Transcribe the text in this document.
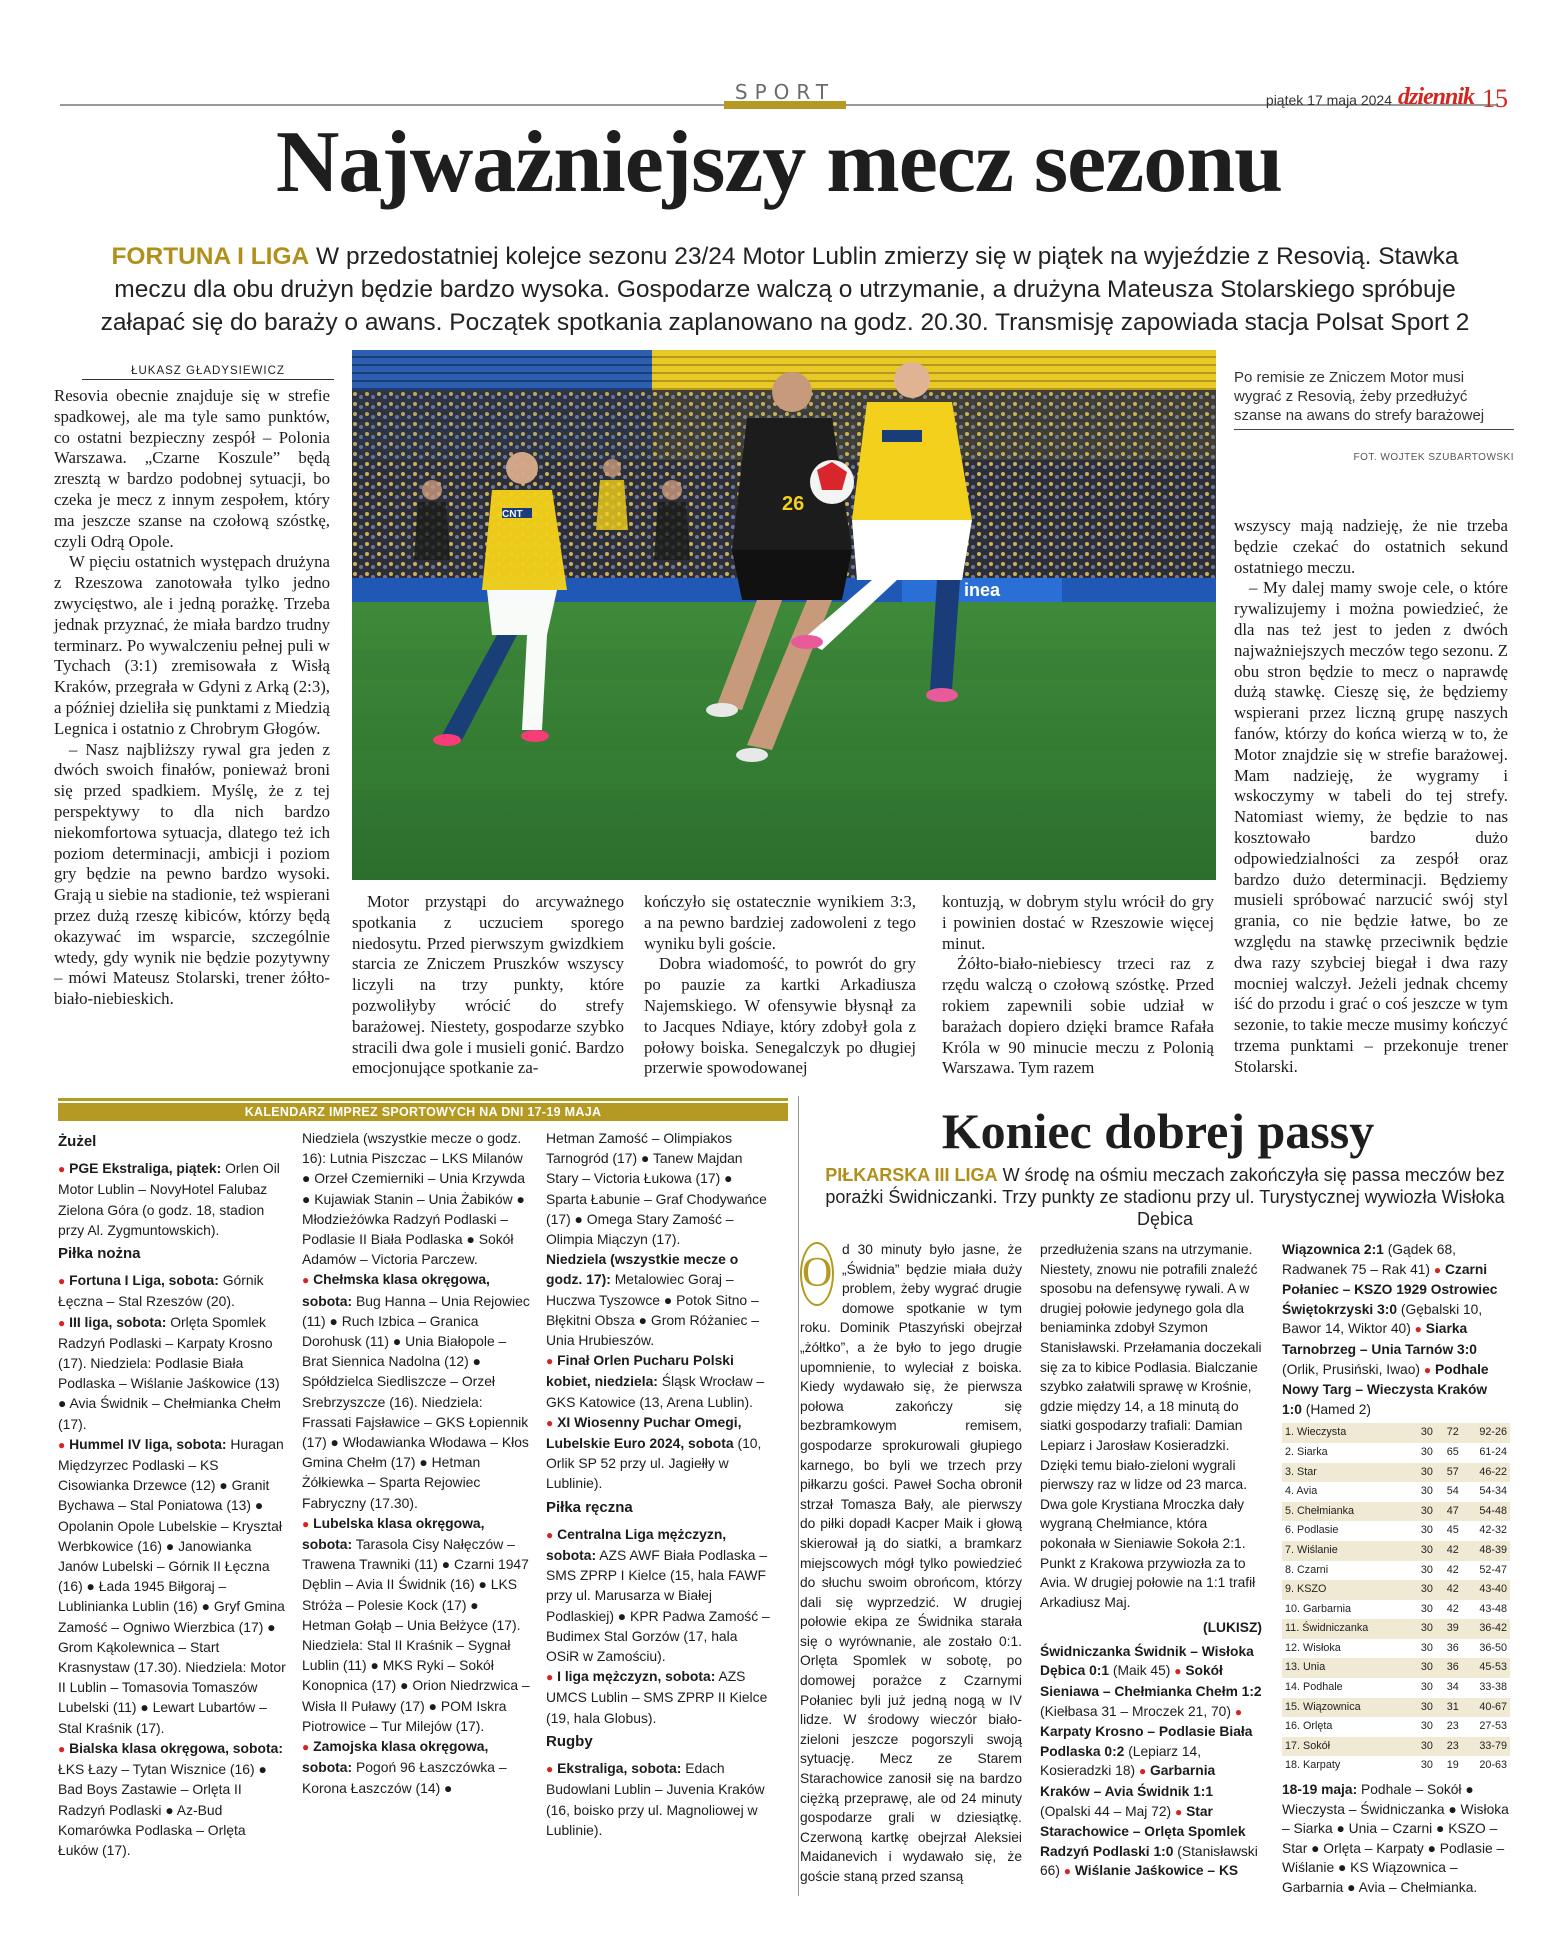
SPORT	piątek 17 maja 2024 dziennik 15
Najważniejszy mecz sezonu
FORTUNA I LIGA W przedostatniej kolejce sezonu 23/24 Motor Lublin zmierzy się w piątek na wyjeździe z Resovią. Stawka meczu dla obu drużyn będzie bardzo wysoka. Gospodarze walczą o utrzymanie, a drużyna Mateusza Stolarskiego spróbuje załapać się do baraży o awans. Początek spotkania zaplanowano na godz. 20.30. Transmisję zapowiada stacja Polsat Sport 2
ŁUKASZ GŁADYSIEWICZ

Resovia obecnie znajduje się w strefie spadkowej, ale ma tyle samo punktów, co ostatni bezpieczny zespół – Polonia Warszawa. „Czarne Koszule” będą zresztą w bardzo podobnej sytuacji, bo czeka je mecz z innym zespołem, który ma jeszcze szanse na czołową szóstkę, czyli Odrą Opole.

W pięciu ostatnich występach drużyna z Rzeszowa zanotowała tylko jedno zwycięstwo, ale i jedną porażkę. Trzeba jednak przyznać, że miała bardzo trudny terminarz. Po wywalczeniu pełnej puli w Tychach (3:1) zremisowała z Wisłą Kraków, przegrała w Gdyni z Arką (2:3), a później dzieliła się punktami z Miedzią Legnica i ostatnio z Chrobrym Głogów.

– Nasz najbliższy rywal gra jeden z dwóch swoich finałów, ponieważ broni się przed spadkiem. Myślę, że z tej perspektywy to dla nich bardzo niekomfortowa sytuacja, dlatego też ich poziom determinacji, ambicji i poziom gry będzie na pewno bardzo wysoki. Grają u siebie na stadionie, też wspierani przez dużą rzeszę kibiców, którzy będą okazywać im wsparcie, szczególnie wtedy, gdy wynik nie będzie pozytywny – mówi Mateusz Stolarski, trener żółto-biało-niebieskich.

inea
CNT	26
Po remisie ze Zniczem Motor musi wygrać z Resovią, żeby przedłużyć szanse na awans do strefy barażowej
FOT. WOJTEK SZUBARTOWSKI

Motor przystąpi do arcyważnego spotkania z uczuciem sporego niedosytu. Przed pierwszym gwizdkiem starcia ze Zniczem Pruszków wszyscy liczyli na trzy punkty, które pozwoliłyby wrócić do strefy barażowej. Niestety, gospodarze szybko stracili dwa gole i musieli gonić. Bardzo emocjonujące spotkanie za-

kończyło się ostatecznie wynikiem 3:3, a na pewno bardziej zadowoleni z tego wyniku byli goście.

Dobra wiadomość, to powrót do gry po pauzie za kartki Arkadiusza Najemskiego. W ofensywie błysnął za to Jacques Ndiaye, który zdobył gola z połowy boiska. Senegalczyk po długiej przerwie spowodowanej

kontuzją, w dobrym stylu wrócił do gry i powinien dostać w Rzeszowie więcej minut.

Żółto-biało-niebiescy trzeci raz z rzędu walczą o czołową szóstkę. Przed rokiem zapewnili sobie udział w barażach dopiero dzięki bramce Rafała Króla w 90 minucie meczu z Polonią Warszawa. Tym razem

wszyscy mają nadzieję, że nie trzeba będzie czekać do ostatnich sekund ostatniego meczu.

– My dalej mamy swoje cele, o które rywalizujemy i można powiedzieć, że dla nas też jest to jeden z dwóch najważniejszych meczów tego sezonu. Z obu stron będzie to mecz o naprawdę dużą stawkę. Cieszę się, że będziemy wspierani przez liczną grupę naszych fanów, którzy do końca wierzą w to, że Motor znajdzie się w strefie barażowej. Mam nadzieję, że wygramy i wskoczymy w tabeli do tej strefy. Natomiast wiemy, że będzie to nas kosztowało bardzo dużo odpowiedzialności za zespół oraz bardzo dużo determinacji. Będziemy musieli spróbować narzucić swój styl grania, co nie będzie łatwe, bo ze względu na stawkę przeciwnik będzie dwa razy szybciej biegał i dwa razy mocniej walczył. Jeżeli jednak chcemy iść do przodu i grać o coś jeszcze w tym sezonie, to takie mecze musimy kończyć trzema punktami – przekonuje trener Stolarski.

KALENDARZ IMPREZ SPORTOWYCH NA DNI 17-19 MAJA
Żużel

● PGE Ekstraliga, piątek: Orlen Oil Motor Lublin – NovyHotel Falubaz Zielona Góra (o godz. 18, stadion przy Al. Zygmuntowskich).

Piłka nożna

● Fortuna I Liga, sobota: Górnik Łęczna – Stal Rzeszów (20).

● III liga, sobota: Orlęta Spomlek Radzyń Podlaski – Karpaty Krosno (17). Niedziela: Podlasie Biała Podlaska – Wiślanie Jaśkowice (13) ● Avia Świdnik – Chełmianka Chełm (17).

● Hummel IV liga, sobota: Huragan Międzyrzec Podlaski – KS Cisowianka Drzewce (12) ● Granit Bychawa – Stal Poniatowa (13) ● Opolanin Opole Lubelskie – Kryształ Werbkowice (16) ● Janowianka Janów Lubelski – Górnik II Łęczna (16) ● Łada 1945 Biłgoraj – Lublinianka Lublin (16) ● Gryf Gmina Zamość – Ogniwo Wierzbica (17) ● Grom Kąkolewnica – Start Krasnystaw (17.30). Niedziela: Motor II Lublin – Tomasovia Tomaszów Lubelski (11) ● Lewart Lubartów – Stal Kraśnik (17).

● Bialska klasa okręgowa, sobota: ŁKS Łazy – Tytan Wisznice (16) ● Bad Boys Zastawie – Orlęta II Radzyń Podlaski ● Az-Bud Komarówka Podlaska – Orlęta Łuków (17).

Niedziela (wszystkie mecze o godz. 16): Lutnia Piszczac – LKS Milanów ● Orzeł Czemierniki – Unia Krzywda ● Kujawiak Stanin – Unia Żabików ● Młodzieżówka Radzyń Podlaski – Podlasie II Biała Podlaska ● Sokół Adamów – Victoria Parczew.

● Chełmska klasa okręgowa, sobota: Bug Hanna – Unia Rejowiec (11) ● Ruch Izbica – Granica Dorohusk (11) ● Unia Białopole – Brat Siennica Nadolna (12) ● Spółdzielca Siedliszcze – Orzeł Srebrzyszcze (16). Niedziela: Frassati Fajsławice – GKS Łopiennik (17) ● Włodawianka Włodawa – Kłos Gmina Chełm (17) ● Hetman Żółkiewka – Sparta Rejowiec Fabryczny (17.30).

● Lubelska klasa okręgowa, sobota: Tarasola Cisy Nałęczów – Trawena Trawniki (11) ● Czarni 1947 Dęblin – Avia II Świdnik (16) ● LKS Stróża – Polesie Kock (17) ● Hetman Gołąb – Unia Bełżyce (17). Niedziela: Stal II Kraśnik – Sygnał Lublin (11) ● MKS Ryki – Sokół Konopnica (17) ● Orion Niedrzwica – Wisła II Puławy (17) ● POM Iskra Piotrowice – Tur Milejów (17).

● Zamojska klasa okręgowa, sobota: Pogoń 96 Łaszczówka – Korona Łaszczów (14) ●

Hetman Zamość – Olimpiakos Tarnogród (17) ● Tanew Majdan Stary – Victoria Łukowa (17) ● Sparta Łabunie – Graf Chodywańce (17) ● Omega Stary Zamość – Olimpia Miączyn (17).

Niedziela (wszystkie mecze o godz. 17): Metalowiec Goraj – Huczwa Tyszowce ● Potok Sitno – Błękitni Obsza ● Grom Różaniec – Unia Hrubieszów.

● Finał Orlen Pucharu Polski kobiet, niedziela: Śląsk Wrocław – GKS Katowice (13, Arena Lublin).

● XI Wiosenny Puchar Omegi, Lubelskie Euro 2024, sobota (10, Orlik SP 52 przy ul. Jagiełły w Lublinie).

Piłka ręczna

● Centralna Liga mężczyzn, sobota: AZS AWF Biała Podlaska – SMS ZPRP I Kielce (15, hala FAWF przy ul. Marusarza w Białej Podlaskiej) ● KPR Padwa Zamość – Budimex Stal Gorzów (17, hala OSiR w Zamościu).

● I liga mężczyzn, sobota: AZS UMCS Lublin – SMS ZPRP II Kielce (19, hala Globus).

Rugby

● Ekstraliga, sobota: Edach Budowlani Lublin – Juvenia Kraków (16, boisko przy ul. Magnoliowej w Lublinie).

Koniec dobrej passy
PIŁKARSKA III LIGA W środę na ośmiu meczach zakończyła się passa meczów bez porażki Świdniczanki. Trzy punkty ze stadionu przy ul. Turystycznej wywiozła Wisłoka Dębica
O
d 30 minuty było jasne, że „Świdnia” będzie miała duży problem, żeby wygrać drugie domowe spotkanie w tym roku. Dominik Ptaszyński obejrzał „żółtko”, a że było to jego drugie upomnienie, to wyleciał z boiska. Kiedy wydawało się, że pierwsza połowa zakończy się bezbramkowym remisem, gospodarze sprokurowali głupiego karnego, bo byli we trzech przy piłkarzu gości. Paweł Socha obronił strzał Tomasza Bały, ale pierwszy do piłki dopadł Kacper Maik i głową skierował ją do siatki, a bramkarz miejscowych mógł tylko powiedzieć do słuchu swoim obrońcom, którzy dali się wyprzedzić. W drugiej połowie ekipa ze Świdnika starała się o wyrównanie, ale zostało 0:1. Orlęta Spomlek w sobotę, po domowej porażce z Czarnymi Połaniec byli już jedną nogą w IV lidze. W środowy wieczór biało-zieloni jeszcze pogorszyli swoją sytuację. Mecz ze Starem Starachowice zanosił się na bardzo ciężką przeprawę, ale od 24 minuty gospodarze grali w dziesiątkę. Czerwoną kartkę obejrzał Aleksiei Maidanevich i wydawało się, że goście staną przed szansą

przedłużenia szans na utrzymanie. Niestety, znowu nie potrafili znaleźć sposobu na defensywę rywali. A w drugiej połowie jedynego gola dla beniaminka zdobył Szymon Stanisławski. Przełamania doczekali się za to kibice Podlasia. Bialczanie szybko załatwili sprawę w Krośnie, gdzie między 14, a 18 minutą do siatki gospodarzy trafiali: Damian Lepiarz i Jarosław Kosieradzki. Dzięki temu biało-zieloni wygrali pierwszy raz w lidze od 23 marca. Dwa gole Krystiana Mroczka dały wygraną Chełmiance, która pokonała w Sieniawie Sokoła 2:1. Punkt z Krakowa przywiozła za to Avia. W drugiej połowie na 1:1 trafił Arkadiusz Maj.

(LUKISZ)

Świdniczanka Świdnik – Wisłoka Dębica 0:1 (Maik 45) ● Sokół Sieniawa – Chełmianka Chełm 1:2 (Kiełbasa 31 – Mroczek 21, 70) ● Karpaty Krosno – Podlasie Biała Podlaska 0:2 (Lepiarz 14, Kosieradzki 18) ● Garbarnia Kraków – Avia Świdnik 1:1 (Opalski 44 – Maj 72) ● Star Starachowice – Orlęta Spomlek Radzyń Podlaski 1:0 (Stanisławski 66) ● Wiślanie Jaśkowice – KS
Wiązownica 2:1 (Gądek 68, Radwanek 75 – Rak 41) ● Czarni Połaniec – KSZO 1929 Ostrowiec Świętokrzyski 3:0 (Gębalski 10, Bawor 14, Wiktor 40) ● Siarka Tarnobrzeg – Unia Tarnów 3:0 (Orlik, Prusiński, Iwao) ● Podhale Nowy Targ – Wieczysta Kraków 1:0 (Hamed 2)
1. Wieczysta	30	72	92-26
2. Siarka	30	65	61-24
3. Star	30	57	46-22
4. Avia	30	54	54-34
5. Chełmianka	30	47	54-48
6. Podlasie	30	45	42-32
7. Wiślanie	30	42	48-39
8. Czarni	30	42	52-47
9. KSZO	30	42	43-40
10. Garbarnia	30	42	43-48
11. Świdniczanka	30	39	36-42
12. Wisłoka	30	36	36-50
13. Unia	30	36	45-53
14. Podhale	30	34	33-38
15. Wiązownica	30	31	40-67
16. Orlęta	30	23	27-53
17. Sokół	30	23	33-79
18. Karpaty	30	19	20-63
18-19 maja: Podhale – Sokół ● Wieczysta – Świdniczanka ● Wisłoka – Siarka ● Unia – Czarni ● KSZO – Star ● Orlęta – Karpaty ● Podlasie – Wiślanie ● KS Wiązownica – Garbarnia ● Avia – Chełmianka.
